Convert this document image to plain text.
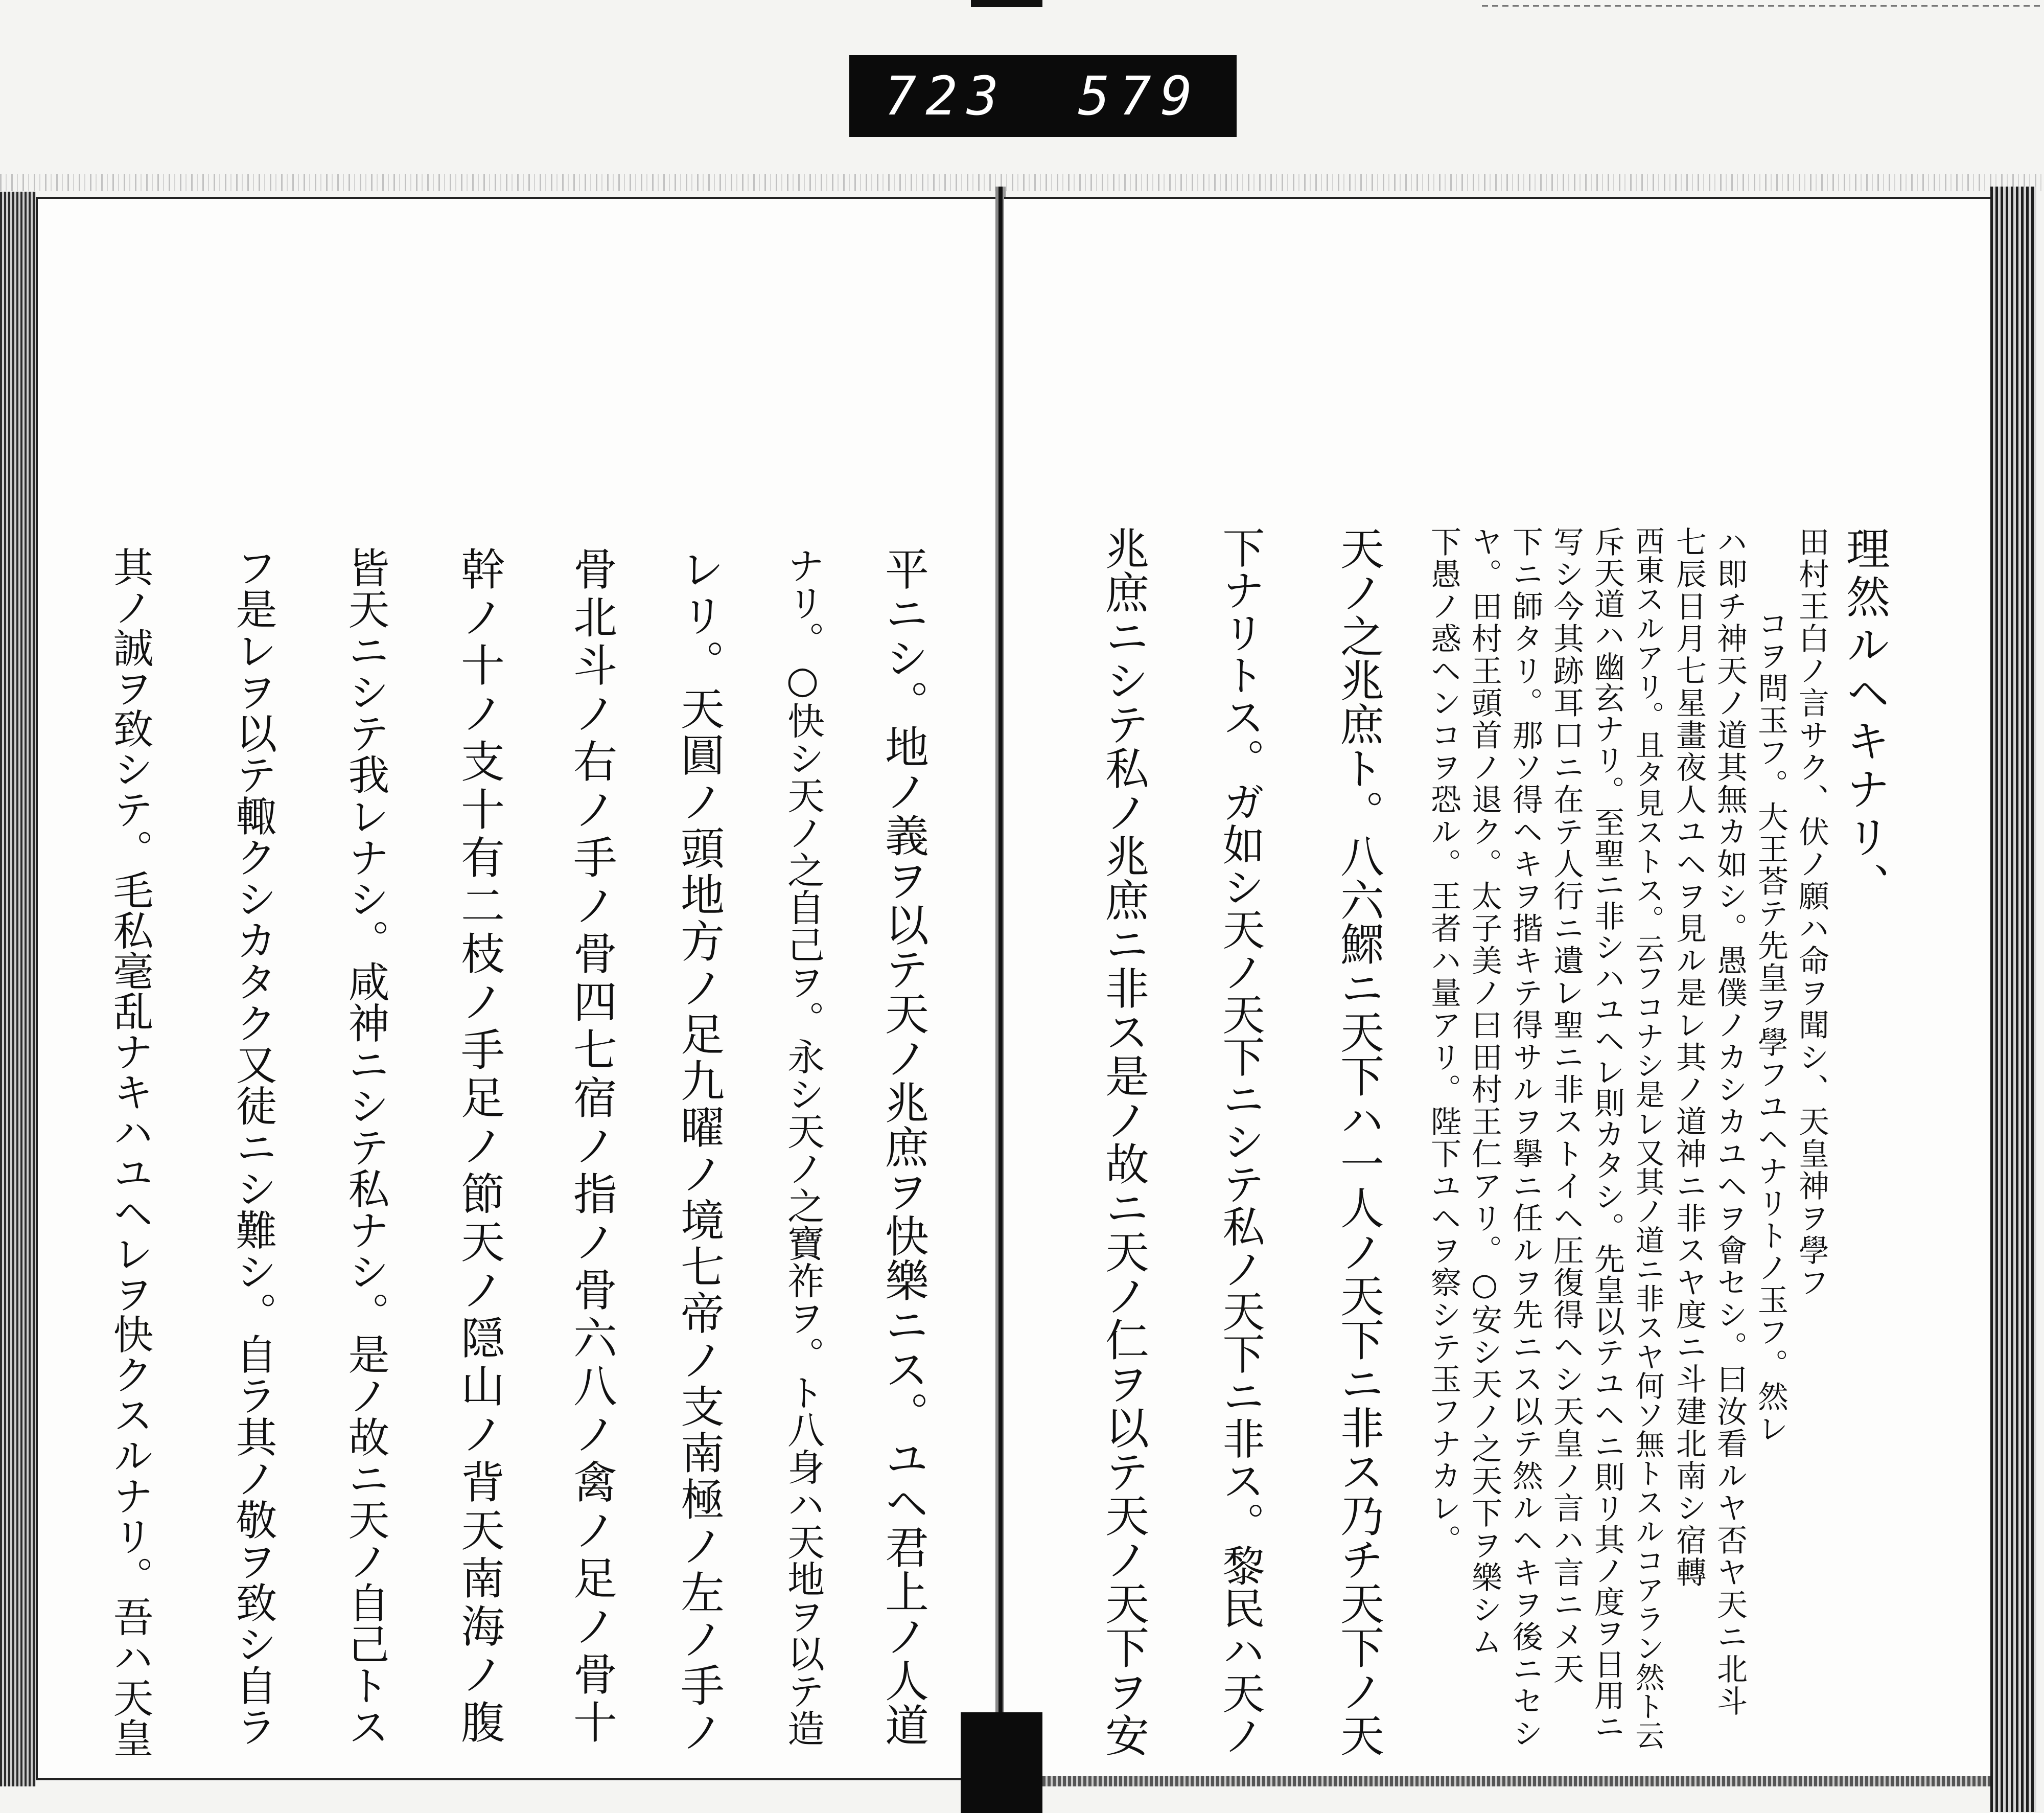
723 579
平ニシ。地ノ義ヲ以テ天ノ兆庶ヲ快樂ニス。ユヘ君上ノ人道
ナリ。○快シ天ノ之自己ヲ。永シ天ノ之寶祚ヲ。ト八身ハ天地ヲ以テ造
レリ。天圓ノ頭地方ノ足九曜ノ境七帝ノ支南極ノ左ノ手ノ
骨北斗ノ右ノ手ノ骨四七宿ノ指ノ骨六八ノ禽ノ足ノ骨十
幹ノ十ノ支十有二枝ノ手足ノ節天ノ隠山ノ背天南海ノ腹
皆天ニシテ我レナシ。咸神ニシテ私ナシ。是ノ故ニ天ノ自己トス
フ是レヲ以テ輙クシカタク又徒ニシ難シ。自ラ其ノ敬ヲ致シ自ラ
其ノ誠ヲ致シテ。毛私毫乱ナキハユヘレヲ快クスルナリ。吾ハ天皇	理然ルヘキナリ、
田村王白ノ言サク、伏ノ願ハ命ヲ聞シ、天皇神ヲ學フ
コヲ問玉フ。大王荅テ先皇ヲ學フユヘナリトノ玉フ。然レ
ハ即チ神天ノ道其無カ如シ。愚僕ノカシカユヘヲ會セシ。曰汝看ルヤ否ヤ天ニ北斗
七辰日月七星畫夜人ユヘヲ見ル是レ其ノ道神ニ非スヤ度ニ斗建北南シ宿轉
西東スルアリ。且タ見ストス。云フコナシ是レ又其ノ道ニ非スヤ何ソ無トスルコアラン然ト云
斥天道ハ幽玄ナリ。至聖ニ非シハユヘレ則カタシ。先皇以テユヘニ則リ其ノ度ヲ日用ニ
写シ今其跡耳口ニ在テ人行ニ遺レ聖ニ非ストイヘ圧復得ヘシ天皇ノ言ハ言ニメ天
下ニ師タリ。那ソ得ヘキヲ揩キテ得サルヲ擧ニ任ルヲ先ニス以テ然ルヘキヲ後ニセシ
ヤ。田村王頭首ノ退ク。太子美ノ曰田村王仁アリ。○安シ天ノ之天下ヲ樂シム
下愚ノ惑ヘンコヲ恐ル。王者ハ量アリ。陛下ユヘヲ察シテ玉フナカレ。
天ノ之兆庶ト。八六鰥ニ天下ハ一人ノ天下ニ非ス乃チ天下ノ天
下ナリトス。ガ如シ天ノ天下ニシテ私ノ天下ニ非ス。黎民ハ天ノ
兆庶ニシテ私ノ兆庶ニ非ス是ノ故ニ天ノ仁ヲ以テ天ノ天下ヲ安
